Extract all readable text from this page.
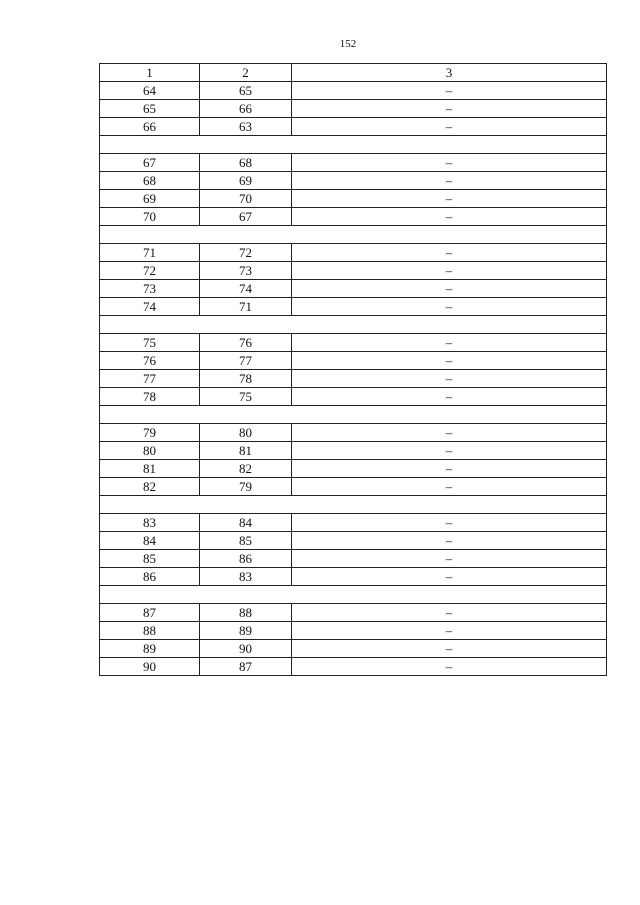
152
1	2	3
64	65	–
65	66	–
66	63	–

67	68	–
68	69	–
69	70	–
70	67	–

71	72	–
72	73	–
73	74	–
74	71	–

75	76	–
76	77	–
77	78	–
78	75	–

79	80	–
80	81	–
81	82	–
82	79	–

83	84	–
84	85	–
85	86	–
86	83	–

87	88	–
88	89	–
89	90	–
90	87	–
